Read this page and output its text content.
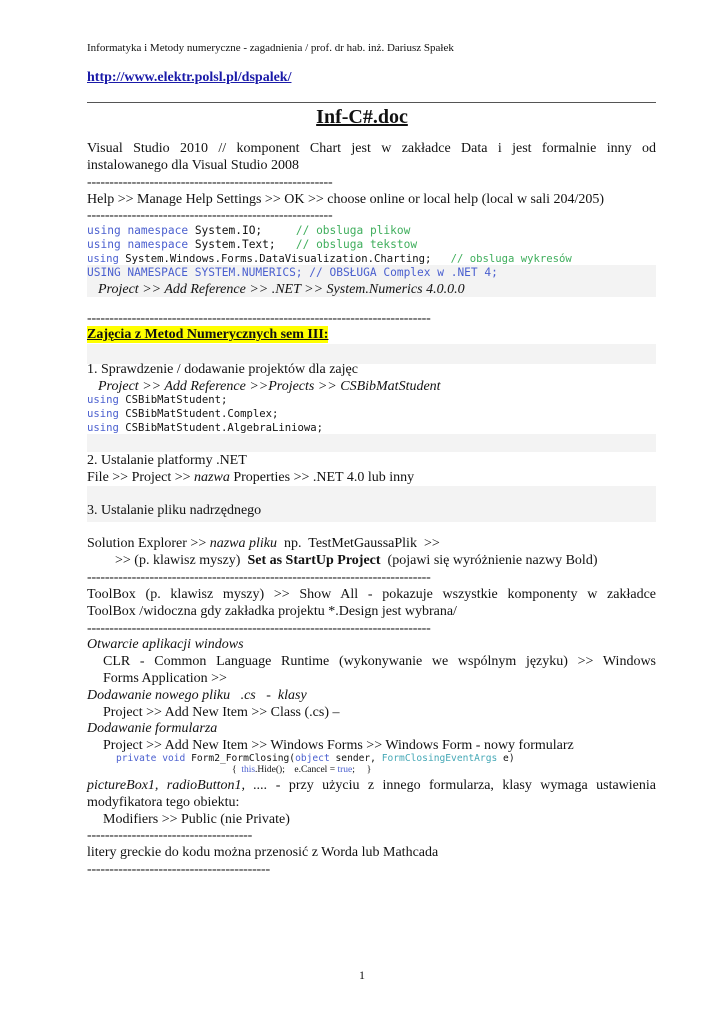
Informatyka i Metody numeryczne - zagadnienia / prof. dr hab. inż. Dariusz Spałek
http://www.elektr.polsl.pl/dspalek/
Inf-C#.doc
Visual Studio 2010 // komponent Chart jest w zakładce Data i jest formalnie inny od
instalowanego dla Visual Studio 2008
-------------------------------------------------------
Help >> Manage Help Settings >> OK >> choose online or local help (local w sali 204/205)
-------------------------------------------------------
using namespace System.IO;     // obsluga plikow
using namespace System.Text;   // obsluga tekstow
using System.Windows.Forms.DataVisualization.Charting;   // obsluga wykresów
USING NAMESPACE SYSTEM.NUMERICS; // OBSŁUGA Complex w .NET 4;
Project >> Add Reference >> .NET >> System.Numerics 4.0.0.0
-----------------------------------------------------------------------------
Zajęcia z Metod Numerycznych sem III:
1. Sprawdzenie / dodawanie projektów dla zajęc
Project >> Add Reference >>Projects >> CSBibMatStudent
using CSBibMatStudent;
using CSBibMatStudent.Complex;
using CSBibMatStudent.AlgebraLiniowa;
2. Ustalanie platformy .NET
File >> Project >> nazwa Properties >> .NET 4.0 lub inny
3. Ustalanie pliku nadrzędnego
Solution Explorer >> nazwa pliku  np.  TestMetGaussaPlik  >>
>> (p. klawisz myszy)  Set as StartUp Project  (pojawi się wyróżnienie nazwy Bold)
-----------------------------------------------------------------------------
ToolBox (p. klawisz myszy) >> Show All - pokazuje wszystkie komponenty w zakładce
ToolBox /widoczna gdy zakładka projektu *.Design jest wybrana/
-----------------------------------------------------------------------------
Otwarcie aplikacji windows
CLR - Common Language Runtime (wykonywanie we wspólnym języku) >> Windows
Forms Application >>
Dodawanie nowego pliku   .cs   -  klasy
Project >> Add New Item >> Class (.cs) –
Dodawanie formularza
Project >> Add New Item >> Windows Forms >> Windows Form - nowy formularz
private void Form2_FormClosing(object sender, FormClosingEventArgs e)
{  this.Hide();    e.Cancel = true;     }
pictureBox1, radioButton1, .... - przy użyciu z innego formularza, klasy wymaga ustawienia
modyfikatora tego obiektu:
Modifiers >> Public (nie Private)
-------------------------------------
litery greckie do kodu można przenosić z Worda lub Mathcada
-----------------------------------------
1
